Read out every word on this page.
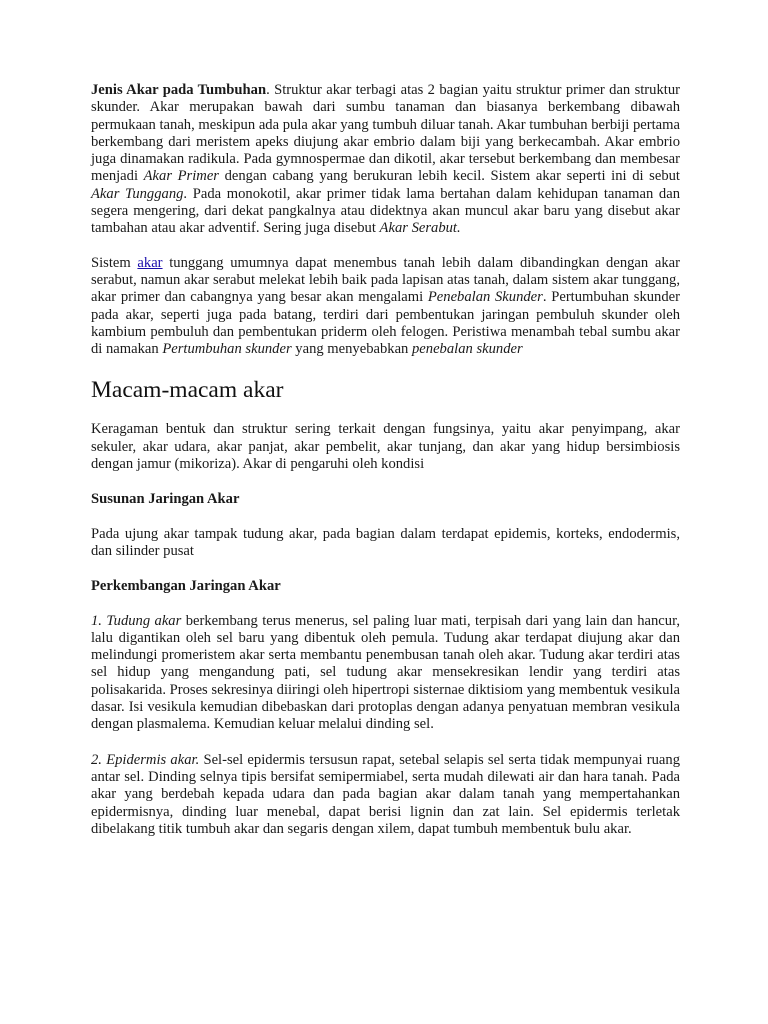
Jenis Akar pada Tumbuhan. Struktur akar terbagi atas 2 bagian yaitu struktur primer dan struktur skunder. Akar merupakan bawah dari sumbu tanaman dan biasanya berkembang dibawah permukaan tanah, meskipun ada pula akar yang tumbuh diluar tanah. Akar tumbuhan berbiji pertama berkembang dari meristem apeks diujung akar embrio dalam biji yang berkecambah. Akar embrio juga dinamakan radikula. Pada gymnospermae dan dikotil, akar tersebut berkembang dan membesar menjadi Akar Primer dengan cabang yang berukuran lebih kecil. Sistem akar seperti ini di sebut Akar Tunggang. Pada monokotil, akar primer tidak lama bertahan dalam kehidupan tanaman dan segera mengering, dari dekat pangkalnya atau didektnya akan muncul akar baru yang disebut akar tambahan atau akar adventif. Sering juga disebut Akar Serabut.

Sistem akar tunggang umumnya dapat menembus tanah lebih dalam dibandingkan dengan akar serabut, namun akar serabut melekat lebih baik pada lapisan atas tanah, dalam sistem akar tunggang, akar primer dan cabangnya yang besar akan mengalami Penebalan Skunder. Pertumbuhan skunder pada akar, seperti juga pada batang, terdiri dari pembentukan jaringan pembuluh skunder oleh kambium pembuluh dan pembentukan priderm oleh felogen. Peristiwa menambah tebal sumbu akar di namakan Pertumbuhan skunder yang menyebabkan penebalan skunder

Macam-macam akar

Keragaman bentuk dan struktur sering terkait dengan fungsinya, yaitu akar penyimpang, akar sekuler, akar udara, akar panjat, akar pembelit, akar tunjang, dan akar yang hidup bersimbiosis dengan jamur (mikoriza). Akar di pengaruhi oleh kondisi

Susunan Jaringan Akar

Pada ujung akar tampak tudung akar, pada bagian dalam terdapat epidemis, korteks, endodermis, dan silinder pusat

Perkembangan Jaringan Akar

1. Tudung akar berkembang terus menerus, sel paling luar mati, terpisah dari yang lain dan hancur, lalu digantikan oleh sel baru yang dibentuk oleh pemula. Tudung akar terdapat diujung akar dan melindungi promeristem akar serta membantu penembusan tanah oleh akar. Tudung akar terdiri atas sel hidup yang mengandung pati, sel tudung akar mensekresikan lendir yang terdiri atas polisakarida. Proses sekresinya diiringi oleh hipertropi sisternae diktisiom yang membentuk vesikula dasar. Isi vesikula kemudian dibebaskan dari protoplas dengan adanya penyatuan membran vesikula dengan plasmalema. Kemudian keluar melalui dinding sel.

2. Epidermis akar. Sel-sel epidermis tersusun rapat, setebal selapis sel serta tidak mempunyai ruang antar sel. Dinding selnya tipis bersifat semipermiabel, serta mudah dilewati air dan hara tanah. Pada akar yang berdebah kepada udara dan pada bagian akar dalam tanah yang mempertahankan epidermisnya, dinding luar menebal, dapat berisi lignin dan zat lain. Sel epidermis terletak dibelakang titik tumbuh akar dan segaris dengan xilem, dapat tumbuh membentuk bulu akar.
